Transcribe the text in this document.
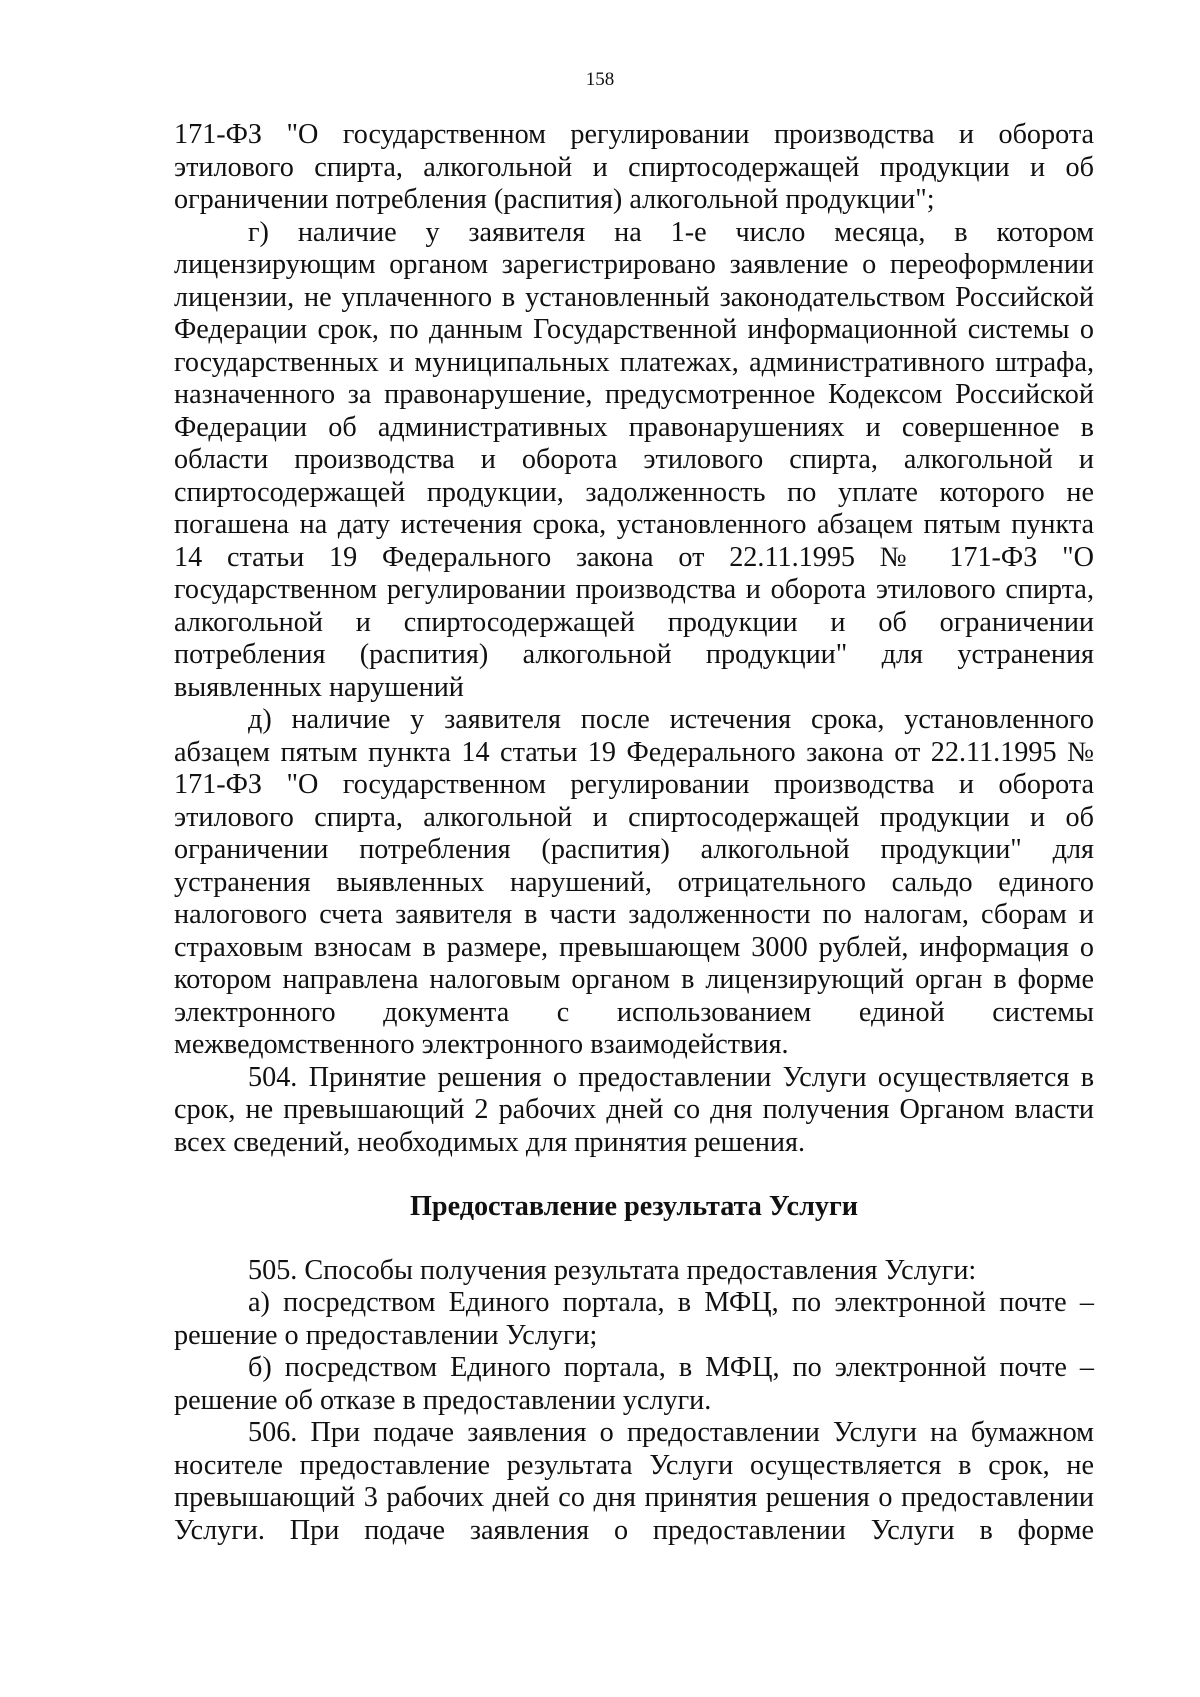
158

171-ФЗ "О государственном регулировании производства и оборота этилового спирта, алкогольной и спиртосодержащей продукции и об ограничении потребления (распития) алкогольной продукции";

г) наличие у заявителя на 1-е число месяца, в котором лицензирующим органом зарегистрировано заявление о переоформлении лицензии, не уплаченного в установленный законодательством Российской Федерации срок, по данным Государственной информационной системы о государственных и муниципальных платежах, административного штрафа, назначенного за правонарушение, предусмотренное Кодексом Российской Федерации об административных правонарушениях и совершенное в области производства и оборота этилового спирта, алкогольной и спиртосодержащей продукции, задолженность по уплате которого не погашена на дату истечения срока, установленного абзацем пятым пункта 14 статьи 19 Федерального закона от 22.11.1995 № 171-ФЗ "О государственном регулировании производства и оборота этилового спирта, алкогольной и спиртосодержащей продукции и об ограничении потребления (распития) алкогольной продукции" для устранения выявленных нарушений

д) наличие у заявителя после истечения срока, установленного абзацем пятым пункта 14 статьи 19 Федерального закона от 22.11.1995 № 171-ФЗ "О государственном регулировании производства и оборота этилового спирта, алкогольной и спиртосодержащей продукции и об ограничении потребления (распития) алкогольной продукции" для устранения выявленных нарушений, отрицательного сальдо единого налогового счета заявителя в части задолженности по налогам, сборам и страховым взносам в размере, превышающем 3000 рублей, информация о котором направлена налоговым органом в лицензирующий орган в форме электронного документа с использованием единой системы межведомственного электронного взаимодействия.

504. Принятие решения о предоставлении Услуги осуществляется в срок, не превышающий 2 рабочих дней со дня получения Органом власти всех сведений, необходимых для принятия решения.

Предоставление результата Услуги

505. Способы получения результата предоставления Услуги:

а) посредством Единого портала, в МФЦ, по электронной почте – решение о предоставлении Услуги;

б) посредством Единого портала, в МФЦ, по электронной почте – решение об отказе в предоставлении услуги.

506. При подаче заявления о предоставлении Услуги на бумажном носителе предоставление результата Услуги осуществляется в срок, не превышающий 3 рабочих дней со дня принятия решения о предоставлении Услуги. При подаче заявления о предоставлении Услуги в форме
